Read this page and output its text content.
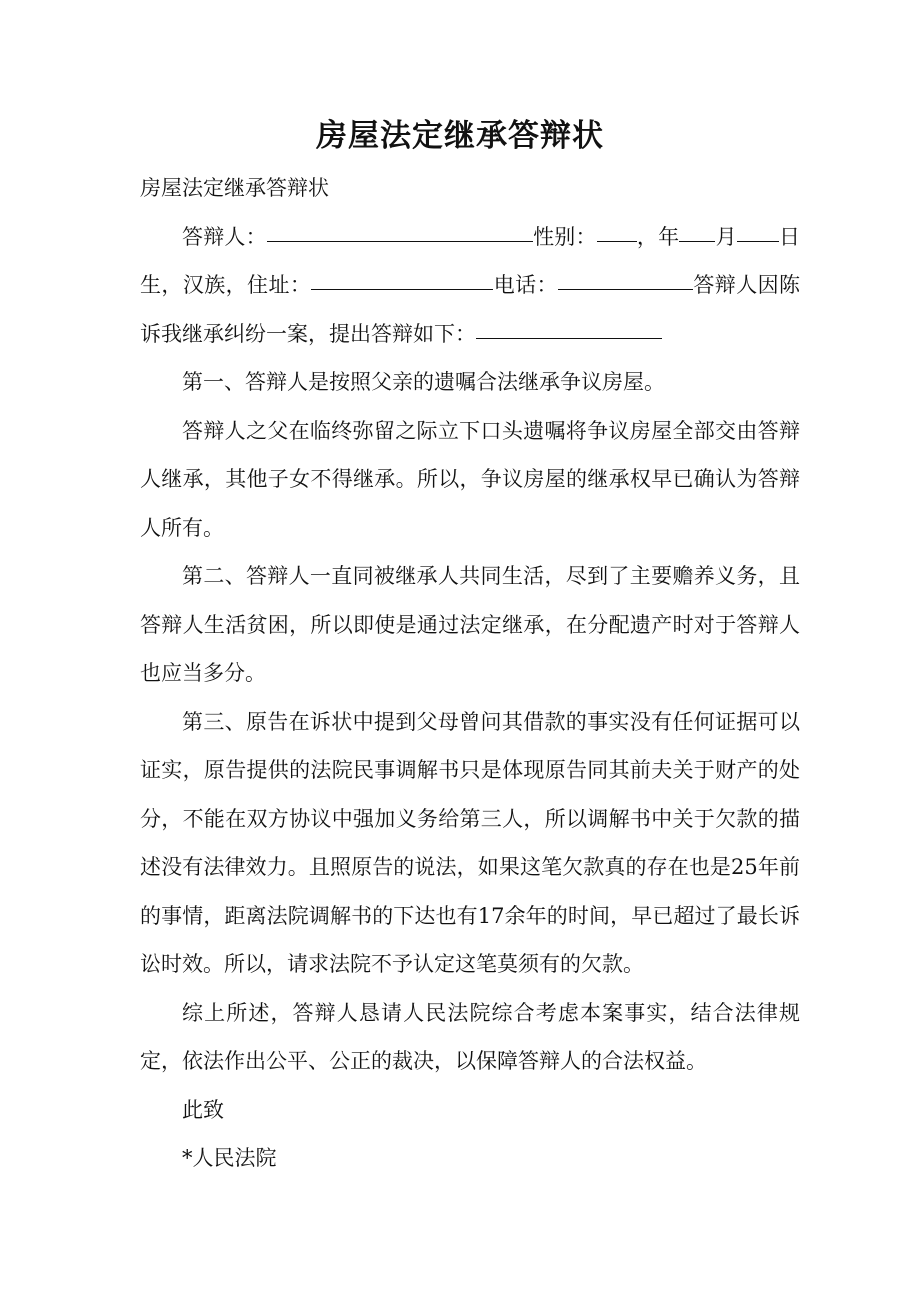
房屋法定继承答辩状

房屋法定继承答辩状

答辩人：	性别： ，年 月 日生，汉族，住址：	电话：	答辩人因陈诉我继承纠纷一案，提出答辩如下：

第一、答辩人是按照父亲的遗嘱合法继承争议房屋。

答辩人之父在临终弥留之际立下口头遗嘱将争议房屋全部交由答辩人继承，其他子女不得继承。所以，争议房屋的继承权早已确认为答辩人所有。

第二、答辩人一直同被继承人共同生活，尽到了主要赡养义务，且答辩人生活贫困，所以即使是通过法定继承，在分配遗产时对于答辩人也应当多分。

第三、原告在诉状中提到父母曾问其借款的事实没有任何证据可以证实，原告提供的法院民事调解书只是体现原告同其前夫关于财产的处分，不能在双方协议中强加义务给第三人，所以调解书中关于欠款的描述没有法律效力。且照原告的说法，如果这笔欠款真的存在也是25年前的事情，距离法院调解书的下达也有17余年的时间，早已超过了最长诉讼时效。所以，请求法院不予认定这笔莫须有的欠款。

综上所述，答辩人恳请人民法院综合考虑本案事实，结合法律规定，依法作出公平、公正的裁决，以保障答辩人的合法权益。

此致

*人民法院
